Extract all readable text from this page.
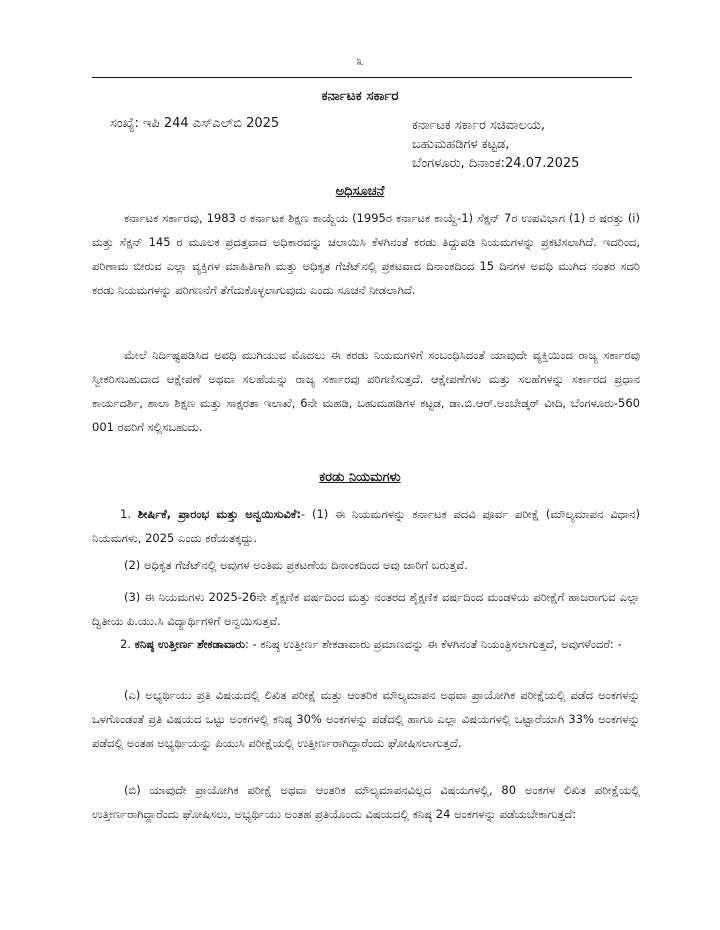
೩
ಕರ್ನಾಟಕ ಸರ್ಕಾರ
ಸಂಖ್ಯೆ: ಇಪಿ 244 ಎಸ್‌ಎಲ್‌ಬಿ 2025	ಕರ್ನಾಟಕ ಸರ್ಕಾರ ಸಚಿವಾಲಯ,
ಬಹುಮಹಡಿಗಳ ಕಟ್ಟಡ,
ಬೆಂಗಳೂರು, ದಿನಾಂಕ:24.07.2025
ಅಧಿಸೂಚನೆ
ಕರ್ನಾಟಕ ಸರ್ಕಾರವು, 1983 ರ ಕರ್ನಾಟಕ ಶಿಕ್ಷಣ ಕಾಯ್ದೆಯ (1995ರ ಕರ್ನಾಟಕ ಕಾಯ್ದೆ-1) ಸೆಕ್ಷನ್ 7ರ ಉಪವಿಭಾಗ (1) ರ ಷರತ್ತು (i) ಮತ್ತು ಸೆಕ್ಷನ್ 145 ರ ಮೂಲಕ ಪ್ರದತ್ತವಾದ ಅಧಿಕಾರವನ್ನು ಚಲಾಯಿಸಿ ಕೆಳಗಿನಂತೆ ಕರಡು ತಿದ್ದುಪಡಿ ನಿಯಮಗಳನ್ನು ಪ್ರಕಟಿಸಲಾಗಿದೆ. ಇದರಿಂದ, ಪರಿಣಾಮ ಬೀರುವ ಎಲ್ಲಾ ವ್ಯಕ್ತಿಗಳ ಮಾಹಿತಿಗಾಗಿ ಮತ್ತು ಅಧಿಕೃತ ಗೆಜೆಟ್‌ನಲ್ಲಿ ಪ್ರಕಟವಾದ ದಿನಾಂಕದಿಂದ 15 ದಿನಗಳ ಅವಧಿ ಮುಗಿದ ನಂತರ ಸದರಿ ಕರಡು ನಿಯಮಗಳನ್ನು ಪರಿಗಣನೆಗೆ ತೆಗೆದುಕೊಳ್ಳಲಾಗುವುದು ಎಂದು ಸೂಚನೆ ನೀಡಲಾಗಿದೆ.
ಮೇಲೆ ನಿರ್ದಿಷ್ಟಪಡಿಸಿದ ಅವಧಿ ಮುಗಿಯುವ ಮೊದಲು ಈ ಕರಡು ನಿಯಮಗಳಿಗೆ ಸಂಬಂಧಿಸಿದಂತೆ ಯಾವುದೇ ವ್ಯಕ್ತಿಯಿಂದ ರಾಜ್ಯ ಸರ್ಕಾರವು ಸ್ವೀಕರಿಸಬಹುದಾದ ಆಕ್ಷೇಪಣೆ ಅಥವಾ ಸಲಹೆಯನ್ನು ರಾಜ್ಯ ಸರ್ಕಾರವು ಪರಿಗಣಿಸುತ್ತದೆ. ಆಕ್ಷೇಪಣೆಗಳು ಮತ್ತು ಸಲಹೆಗಳನ್ನು ಸರ್ಕಾರದ ಪ್ರಧಾನ ಕಾರ್ಯದರ್ಶಿ, ಶಾಲಾ ಶಿಕ್ಷಣ ಮತ್ತು ಸಾಕ್ಷರತಾ ಇಲಾಖೆ, 6ನೇ ಮಹಡಿ, ಬಹುಮಹಡಿಗಳ ಕಟ್ಟಡ, ಡಾ.ಬಿ.ಆರ್.ಅಂಬೇಡ್ಕರ್ ವೀದಿ, ಬೆಂಗಳೂರು-560 001 ರವರಿಗೆ ಸಲ್ಲಿಸಬಹುದು.
ಕರಡು ನಿಯಮಗಳು
1. ಶೀರ್ಷಿಕೆ, ಪ್ರಾರಂಭ ಮತ್ತು ಅನ್ವಯಿಸುವಿಕೆ:- (1) ಈ ನಿಯಮಗಳನ್ನು ಕರ್ನಾಟಕ ಪದವಿ ಪೂರ್ವ ಪರೀಕ್ಷೆ (ಮೌಲ್ಯಮಾಪನ ವಿಧಾನ) ನಿಯಮಗಳು, 2025 ಎಂದು ಕರೆಯತಕ್ಕದ್ದು.
(2) ಅಧಿಕೃತ ಗೆಜೆಟ್‌ನಲ್ಲಿ ಅವುಗಳ ಅಂತಿಮ ಪ್ರಕಟಣೆಯ ದಿನಾಂಕದಿಂದ ಅವು ಜಾರಿಗೆ ಬರುತ್ತವೆ.
(3) ಈ ನಿಯಮಗಳು 2025-26ನೇ ಶೈಕ್ಷಣಿಕ ವರ್ಷದಿಂದ ಮತ್ತು ನಂತರದ ಶೈಕ್ಷಣಿಕ ವರ್ಷದಿಂದ ಮಂಡಳಿಯ ಪರೀಕ್ಷೆಗೆ ಹಾಜರಾಗುವ ಎಲ್ಲಾ ದ್ವಿತೀಯ ಪಿ.ಯು.ಸಿ ವಿದ್ಯಾರ್ಥಿಗಳಿಗೆ ಅನ್ವಯಿಸುತ್ತವೆ.
2. ಕನಿಷ್ಠ ಉತ್ತೀರ್ಣ ಶೇಕಡಾವಾರು: - ಕನಿಷ್ಠ ಉತ್ತೀರ್ಣ ಶೇಕಡಾವಾರು ಪ್ರಮಾಣವನ್ನು ಈ ಕೆಳಗಿನಂತೆ ನಿಯಂತ್ರಿಸಲಾಗುತ್ತದೆ, ಅವುಗಳೆಂದರೆ: -
(ಎ) ಅಭ್ಯರ್ಥಿಯು ಪ್ರತಿ ವಿಷಯದಲ್ಲಿ ಲಿಖಿತ ಪರೀಕ್ಷೆ ಮತ್ತು ಆಂತರಿಕ ಮೌಲ್ಯಮಾಪನ ಅಥವಾ ಪ್ರಾಯೋಗಿಕ ಪರೀಕ್ಷೆಯಲ್ಲಿ ಪಡೆದ ಅಂಕಗಳನ್ನು ಒಳಗೊಂಡಂತೆ ಪ್ರತಿ ವಿಷಯದ ಒಟ್ಟು ಅಂಕಗಳಲ್ಲಿ ಕನಿಷ್ಠ 30% ಅಂಕಗಳನ್ನು ಪಡೆದಲ್ಲಿ ಹಾಗೂ ಎಲ್ಲಾ ವಿಷಯಗಳಲ್ಲಿ ಒಟ್ಟಾರೆಯಾಗಿ 33% ಅಂಕಗಳನ್ನು ಪಡೆದಲ್ಲಿ ಅಂತಹ ಅಭ್ಯರ್ಥಿಯನ್ನು ಪಿಯುಸಿ ಪರೀಕ್ಷೆಯಲ್ಲಿ ಉತ್ತೀರ್ಣರಾಗಿದ್ದಾರೆಂದು ಘೋಷಿಸಲಾಗುತ್ತದೆ.
(ಬಿ) ಯಾವುದೇ ಪ್ರಾಯೋಗಿಕ ಪರೀಕ್ಷೆ ಅಥವಾ ಆಂತರಿಕ ಮೌಲ್ಯಮಾಪನವಿಲ್ಲದ ವಿಷಯಗಳಲ್ಲಿ, 80 ಅಂಕಗಳ ಲಿಖಿತ ಪರೀಕ್ಷೆಯಲ್ಲಿ ಉತ್ತೀರ್ಣರಾಗಿದ್ದಾರೆಂದು ಘೋಷಿಸಲು, ಅಭ್ಯರ್ಥಿಯು ಅಂತಹ ಪ್ರತಿಯೊಂದು ವಿಷಯದಲ್ಲಿ ಕನಿಷ್ಠ 24 ಅಂಕಗಳನ್ನು ಪಡೆಯಬೇಕಾಗುತ್ತದೆ:
